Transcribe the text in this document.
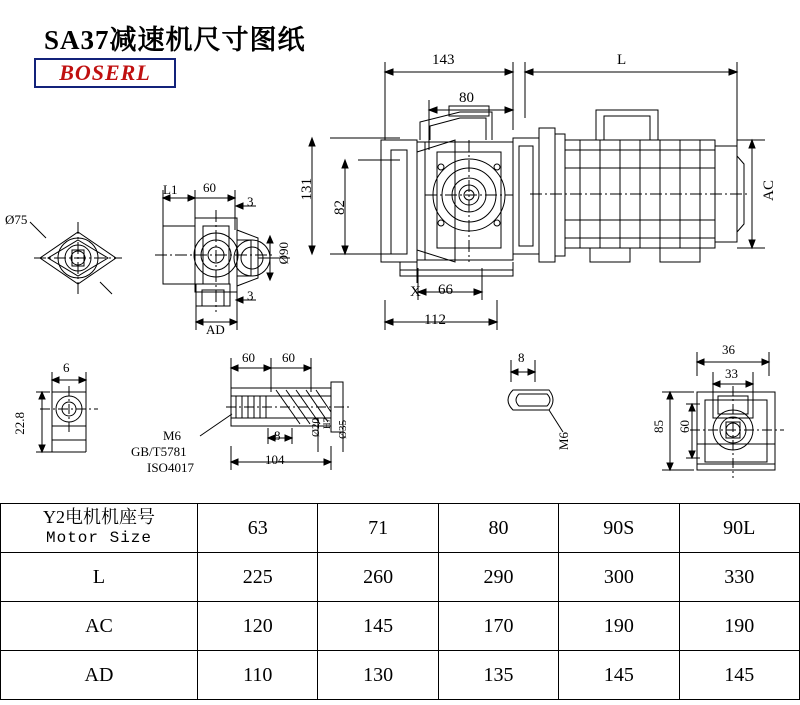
SA37减速机尺寸图纸
BOSERL	143	L
80
131
82
AC
66
112
X
L1 60
3
3
Ø90
AD
Ø75
6
22.8
60 60
8
104
Ø20 H7 Ø35
M6
GB/T5781
ISO4017
8
M6
36
33
85 60
Y2电机机座号
Motor Size	63	71	80	90S	90L
L	225	260	290	300	330
AC	120	145	170	190	190
AD	110	130	135	145	145
